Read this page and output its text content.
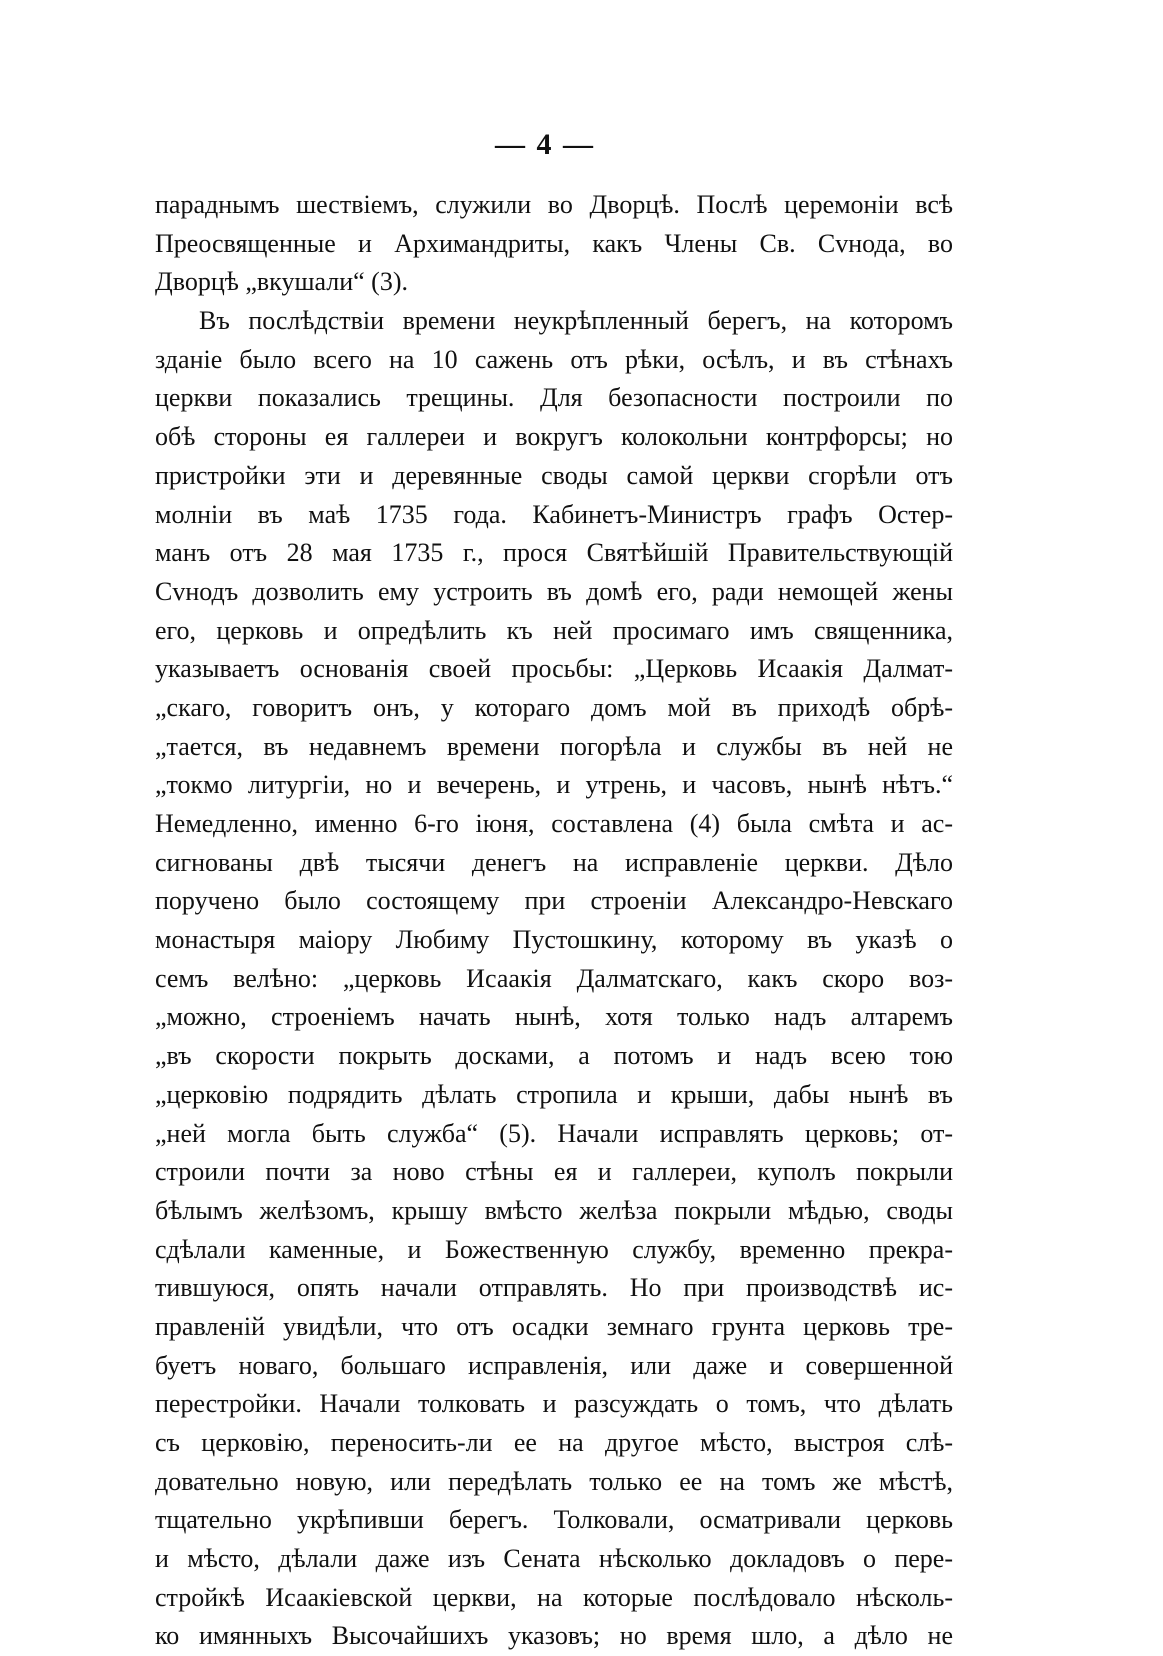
— 4 —
параднымъ шествіемъ, служили во Дворцѣ. Послѣ церемоніи всѣ
Преосвященные и Архимандриты, какъ Члены Св. Сvнода, во
Дворцѣ „вкушали“ (3).
Въ послѣдствіи времени неукрѣпленный берегъ, на которомъ
зданіе было всего на 10 сажень отъ рѣки, осѣлъ, и въ стѣнахъ
церкви показались трещины. Для безопасности построили по
обѣ стороны ея галлереи и вокругъ колокольни контрфорсы; но
пристройки эти и деревянные своды самой церкви сгорѣли отъ
молніи въ маѣ 1735 года. Кабинетъ-Министръ графъ Остер-
манъ отъ 28 мая 1735 г., прося Святѣйшій Правительствующій
Сvнодъ дозволить ему устроить въ домѣ его, ради немощей жены
его, церковь и опредѣлить къ ней просимаго имъ священника,
указываетъ основанія своей просьбы: „Церковь Исаакія Далмат-
„скаго, говоритъ онъ, у котораго домъ мой въ приходѣ обрѣ-
„тается, въ недавнемъ времени погорѣла и службы въ ней не
„токмо литургіи, но и вечерень, и утрень, и часовъ, нынѣ нѣтъ.“
Немедленно, именно 6-го іюня, составлена (4) была смѣта и ас-
сигнованы двѣ тысячи денегъ на исправленіе церкви. Дѣло
поручено было состоящему при строеніи Александро-Невскаго
монастыря маіору Любиму Пустошкину, которому въ указѣ о
семъ велѣно: „церковь Исаакія Далматскаго, какъ скоро воз-
„можно, строеніемъ начать нынѣ, хотя только надъ алтаремъ
„въ скорости покрыть досками, а потомъ и надъ всею тою
„церковію подрядить дѣлать стропила и крыши, дабы нынѣ въ
„ней могла быть служба“ (5). Начали исправлять церковь; от-
строили почти за ново стѣны ея и галлереи, куполъ покрыли
бѣлымъ желѣзомъ, крышу вмѣсто желѣза покрыли мѣдью, своды
сдѣлали каменные, и Божественную службу, временно прекра-
тившуюся, опять начали отправлять. Но при производствѣ ис-
правленій увидѣли, что отъ осадки земнаго грунта церковь тре-
буетъ новаго, большаго исправленія, или даже и совершенной
перестройки. Начали толковать и разсуждать о томъ, что дѣлать
съ церковію, переносить-ли ее на другое мѣсто, выстроя слѣ-
довательно новую, или передѣлать только ее на томъ же мѣстѣ,
тщательно укрѣпивши берегъ. Толковали, осматривали церковь
и мѣсто, дѣлали даже изъ Сената нѣсколько докладовъ о пере-
стройкѣ Исаакіевской церкви, на которые послѣдовало нѣсколь-
ко имянныхъ Высочайшихъ указовъ; но время шло, а дѣло не
